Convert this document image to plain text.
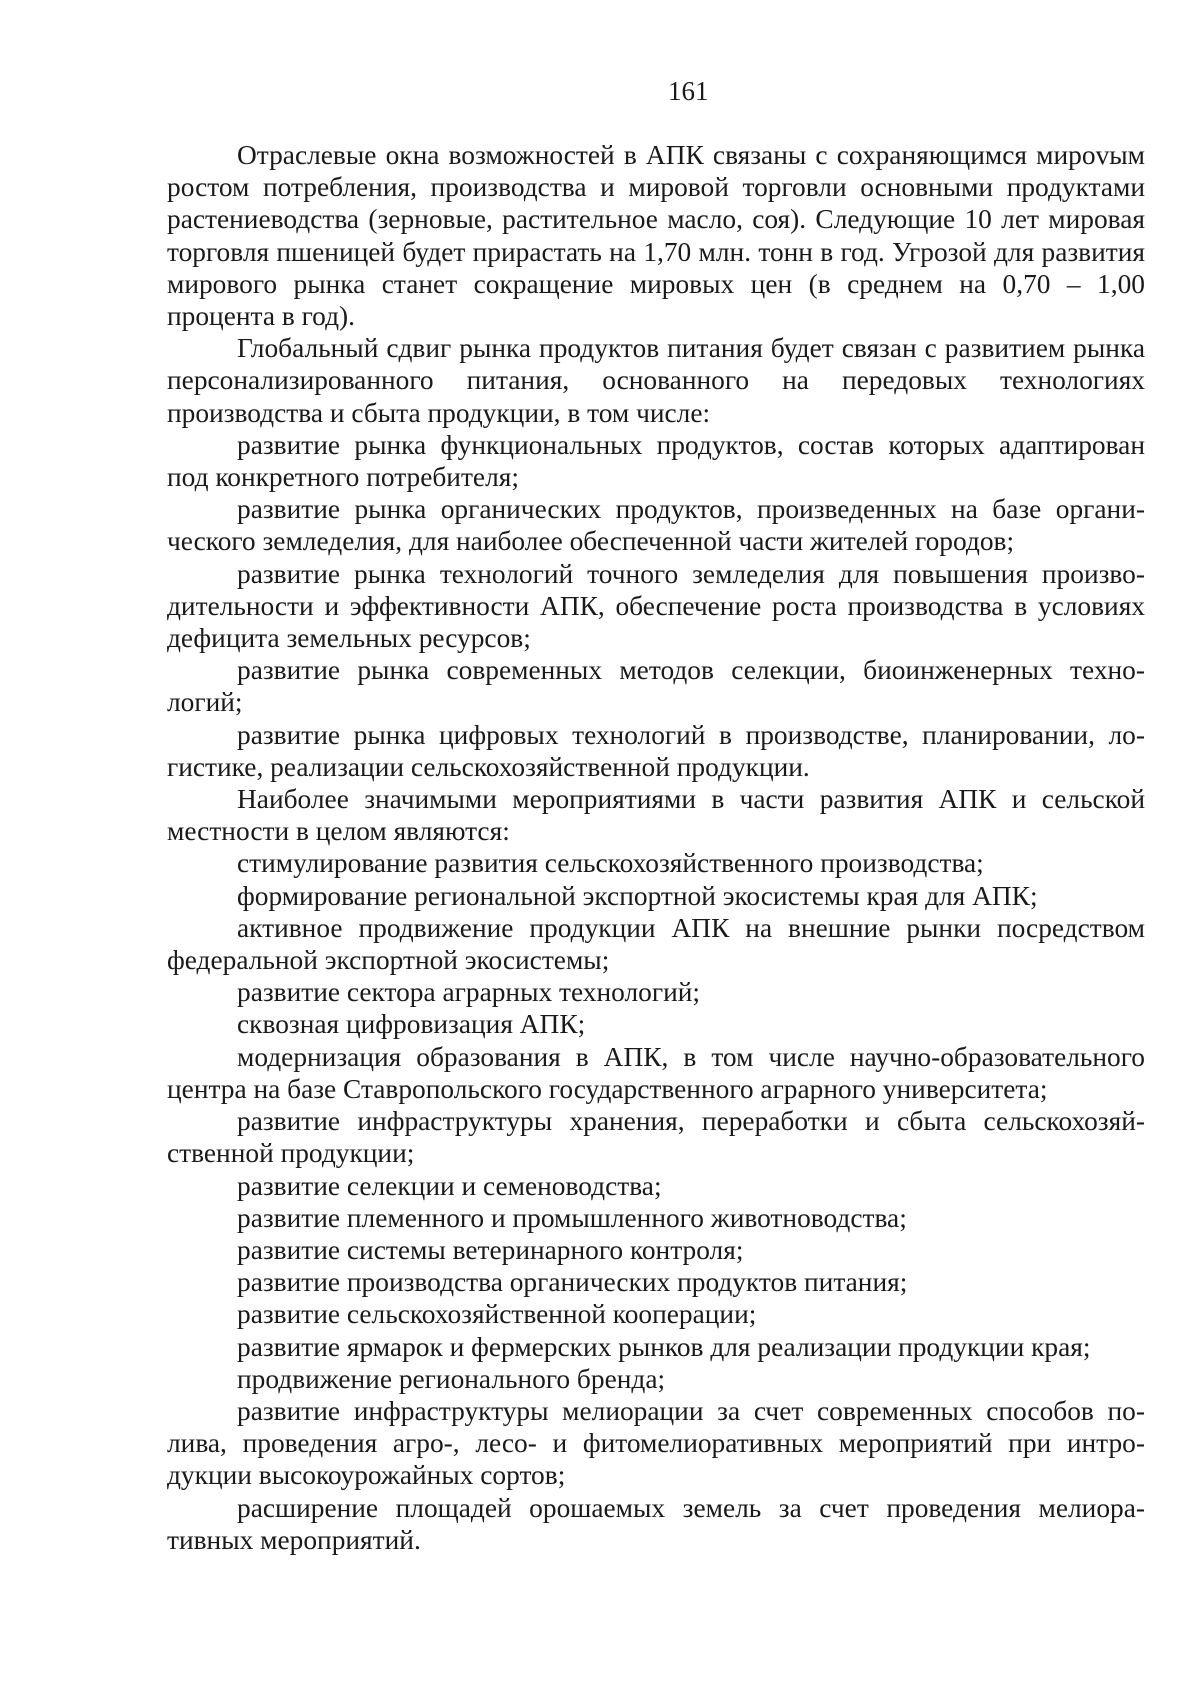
161

Отраслевые окна возможностей в АПК связаны с сохраняющимся мироvым ростом потребления, производства и мировой торговли основными продуктами растениеводства (зерновые, растительное масло, соя). Следующие 10 лет мировая торговля пшеницей будет прирастать на 1,70 млн. тонн в год. Угрозой для развития мирового рынка станет сокращение мировых цен (в среднем на 0,70 – 1,00 процента в год).

Глобальный сдвиг рынка продуктов питания будет связан с развитием рынка персонализированного питания, основанного на передовых технологиях производства и сбыта продукции, в том числе:

развитие рынка функциональных продуктов, состав которых адаптирован под конкретного потребителя;

развитие рынка органических продуктов, произведенных на базе органического земледелия, для наиболее обеспеченной части жителей городов;

развитие рынка технологий точного земледелия для повышения производительности и эффективности АПК, обеспечение роста производства в условиях дефицита земельных ресурсов;

развитие рынка современных методов селекции, биоинженерных технологий;

развитие рынка цифровых технологий в производстве, планировании, логистике, реализации сельскохозяйственной продукции.

Наиболее значимыми мероприятиями в части развития АПК и сельской местности в целом являются:

стимулирование развития сельскохозяйственного производства;

формирование региональной экспортной экосистемы края для АПК;

активное продвижение продукции АПК на внешние рынки посредством федеральной экспортной экосистемы;

развитие сектора аграрных технологий;

сквозная цифровизация АПК;

модернизация образования в АПК, в том числе научно-образовательного центра на базе Ставропольского государственного аграрного университета;

развитие инфраструктуры хранения, переработки и сбыта сельскохозяйственной продукции;

развитие селекции и семеноводства;

развитие племенного и промышленного животноводства;

развитие системы ветеринарного контроля;

развитие производства органических продуктов питания;

развитие сельскохозяйственной кооперации;

развитие ярмарок и фермерских рынков для реализации продукции края;

продвижение регионального бренда;

развитие инфраструктуры мелиорации за счет современных способов полива, проведения агро-, лесо- и фитомелиоративных мероприятий при интродукции высокоурожайных сортов;

расширение площадей орошаемых земель за счет проведения мелиоративных мероприятий.
